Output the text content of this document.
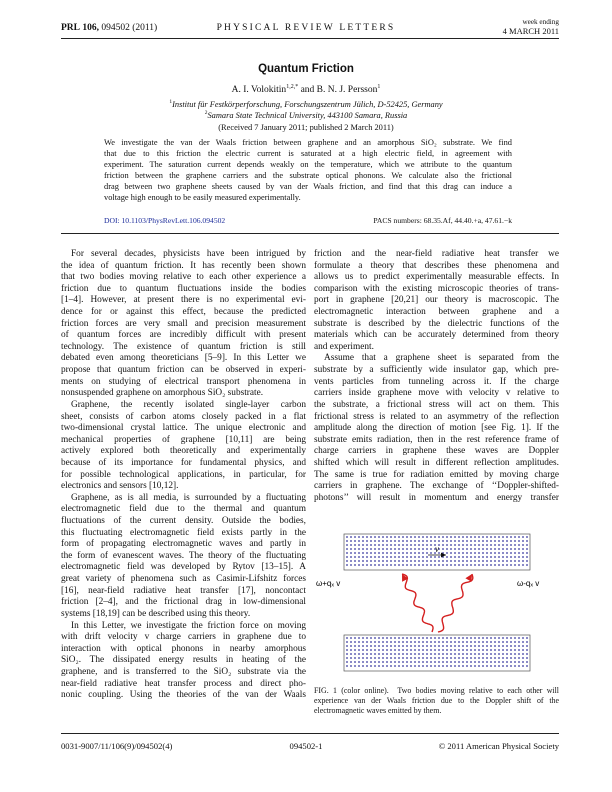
PRL 106, 094502 (2011)	PHYSICAL REVIEW LETTERS
week ending
4 MARCH 2011
Quantum Friction
A. I. Volokitin$^{1,2,*}$ and B. N. J. Persson$^1$
$^1$Institut für Festkörperforschung, Forschungszentrum Jülich, D-52425, Germany
$^2$Samara State Technical University, 443100 Samara, Russia
(Received 7 January 2011; published 2 March 2011)
We investigate the van der Waals friction between graphene and an amorphous SiO₂ substrate. We find
that due to this friction the electric current is saturated at a high electric field, in agreement with
experiment. The saturation current depends weakly on the temperature, which we attribute to the quantum
friction between the graphene carriers and the substrate optical phonons. We calculate also the frictional
drag between two graphene sheets caused by van der Waals friction, and find that this drag can induce a
voltage high enough to be easily measured experimentally.
DOI: 10.1103/PhysRevLett.106.094502	PACS numbers: 68.35.Af, 44.40.+a, 47.61.−k
For several decades, physicists have been intrigued by
the idea of quantum friction. It has recently been shown
that two bodies moving relative to each other experience a
friction due to quantum fluctuations inside the bodies
[1–4]. However, at present there is no experimental evi-
dence for or against this effect, because the predicted
friction forces are very small and precision measurement
of quantum forces are incredibly difficult with present
technology. The existence of quantum friction is still
debated even among theoreticians [5–9]. In this Letter we
propose that quantum friction can be observed in experi-
ments on studying of electrical transport phenomena in
nonsuspended graphene on amorphous SiO₂ substrate.
Graphene, the recently isolated single-layer carbon
sheet, consists of carbon atoms closely packed in a flat
two-dimensional crystal lattice. The unique electronic and
mechanical properties of graphene [10,11] are being
actively explored both theoretically and experimentally
because of its importance for fundamental physics, and
for possible technological applications, in particular, for
electronics and sensors [10,12].
Graphene, as is all media, is surrounded by a fluctuating
electromagnetic field due to the thermal and quantum
fluctuations of the current density. Outside the bodies,
this fluctuating electromagnetic field exists partly in the
form of propagating electromagnetic waves and partly in
the form of evanescent waves. The theory of the fluctuating
electromagnetic field was developed by Rytov [13–15]. A
great variety of phenomena such as Casimir-Lifshitz forces
[16], near-field radiative heat transfer [17], noncontact
friction [2–4], and the frictional drag in low-dimensional
systems [18,19] can be described using this theory.
In this Letter, we investigate the friction force on moving
with drift velocity v charge carriers in graphene due to
interaction with optical phonons in nearby amorphous
SiO₂. The dissipated energy results in heating of the
graphene, and is transferred to the SiO₂ substrate via the
near-field radiative heat transfer process and direct pho-
nonic coupling. Using the theories of the van der Waals
friction and the near-field radiative heat transfer we
formulate a theory that describes these phenomena and
allows us to predict experimentally measurable effects. In
comparison with the existing microscopic theories of trans-
port in graphene [20,21] our theory is macroscopic. The
electromagnetic interaction between graphene and a
substrate is described by the dielectric functions of the
materials which can be accurately determined from theory
and experiment.
Assume that a graphene sheet is separated from the
substrate by a sufficiently wide insulator gap, which pre-
vents particles from tunneling across it. If the charge
carriers inside graphene move with velocity v relative to
the substrate, a frictional stress will act on them. This
frictional stress is related to an asymmetry of the reflection
amplitude along the direction of motion [see Fig. 1]. If the
substrate emits radiation, then in the rest reference frame of
charge carriers in graphene these waves are Doppler
shifted which will result in different reflection amplitudes.
The same is true for radiation emitted by moving charge
carriers in graphene. The exchange of ‘‘Doppler-shifted-
photons’’ will result in momentum and energy transfer
v
ω+qₓ v	ω-qₓ v
FIG. 1 (color online). Two bodies moving relative to each other will experience van der Waals friction due to the Doppler shift of the electromagnetic waves emitted by them.
0031-9007/11/106(9)/094502(4)	094502-1	© 2011 American Physical Society
